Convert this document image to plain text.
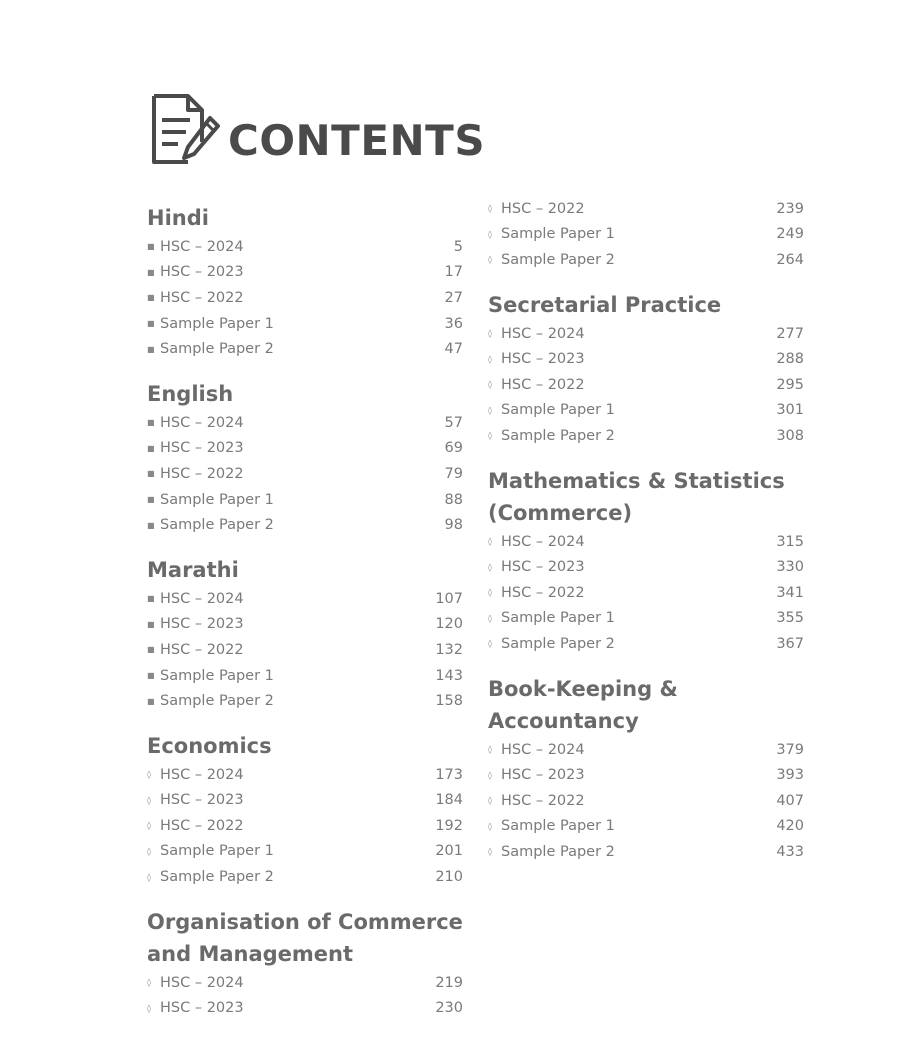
CONTENTS
Hindi
■ HSC – 2024	5
■ HSC – 2023	17
■ HSC – 2022	27
■ Sample Paper 1	36
■ Sample Paper 2	47
English
■ HSC – 2024	57
■ HSC – 2023	69
■ HSC – 2022	79
■ Sample Paper 1	88
■ Sample Paper 2	98
Marathi
■ HSC – 2024	107
■ HSC – 2023	120
■ HSC – 2022	132
■ Sample Paper 1	143
■ Sample Paper 2	158
Economics
◊ HSC – 2024	173
◊ HSC – 2023	184
◊ HSC – 2022	192
◊ Sample Paper 1	201
◊ Sample Paper 2	210
Organisation of Commerce and Management
◊ HSC – 2024	219
◊ HSC – 2023	230
◊ HSC – 2022	239
◊ Sample Paper 1	249
◊ Sample Paper 2	264
Secretarial Practice
◊ HSC – 2024	277
◊ HSC – 2023	288
◊ HSC – 2022	295
◊ Sample Paper 1	301
◊ Sample Paper 2	308
Mathematics & Statistics (Commerce)
◊ HSC – 2024	315
◊ HSC – 2023	330
◊ HSC – 2022	341
◊ Sample Paper 1	355
◊ Sample Paper 2	367
Book-Keeping & Accountancy
◊ HSC – 2024	379
◊ HSC – 2023	393
◊ HSC – 2022	407
◊ Sample Paper 1	420
◊ Sample Paper 2	433
